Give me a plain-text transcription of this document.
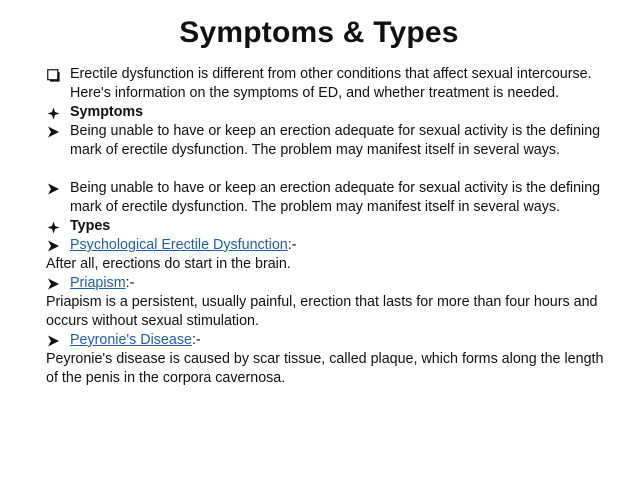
Symptoms & Types
Erectile dysfunction is different from other conditions that affect sexual intercourse. Here's information on the symptoms of ED, and whether treatment is needed.
Symptoms
Being unable to have or keep an erection adequate for sexual activity is the defining mark of erectile dysfunction. The problem may manifest itself in several ways.
Being unable to have or keep an erection adequate for sexual activity is the defining mark of erectile dysfunction. The problem may manifest itself in several ways.
Types
Psychological Erectile Dysfunction:-
After all, erections do start in the brain.
Priapism:-
Priapism is a persistent, usually painful, erection that lasts for more than four hours and occurs without sexual stimulation.
Peyronie's Disease:-
Peyronie's disease is caused by scar tissue, called plaque, which forms along the length of the penis in the corpora cavernosa.
